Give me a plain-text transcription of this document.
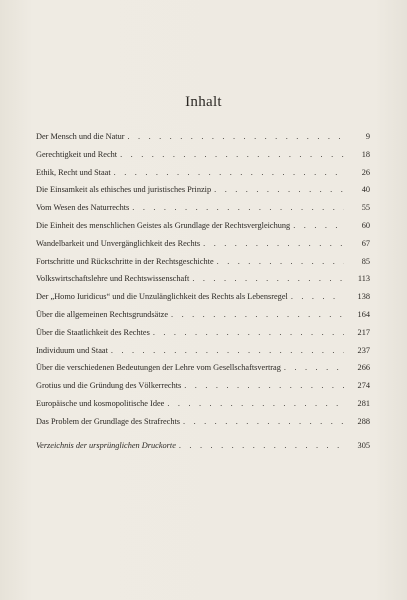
Inhalt
Der Mensch und die Natur . . .	9
Gerechtigkeit und Recht . . .	18
Ethik, Recht und Staat . . .	26
Die Einsamkeit als ethisches und juristisches Prinzip . . .	40
Vom Wesen des Naturrechts . . .	55
Die Einheit des menschlichen Geistes als Grundlage der Rechtsvergleichung . . .	60
Wandelbarkeit und Unvergänglichkeit des Rechts . . .	67
Fortschritte und Rückschritte in der Rechtsgeschichte . . .	85
Volkswirtschaftslehre und Rechtswissenschaft . . .	113
Der „Homo Iuridicus“ und die Unzulänglichkeit des Rechts als Lebensregel . . .	138
Über die allgemeinen Rechtsgrundsätze . . .	164
Über die Staatlichkeit des Rechtes . . .	217
Individuum und Staat . . .	237
Über die verschiedenen Bedeutungen der Lehre vom Gesellschaftsvertrag . . .	266
Grotius und die Gründung des Völkerrechts . . .	274
Europäische und kosmopolitische Idee . . .	281
Das Problem der Grundlage des Strafrechts . . .	288
Verzeichnis der ursprünglichen Druckorte . . .	305
